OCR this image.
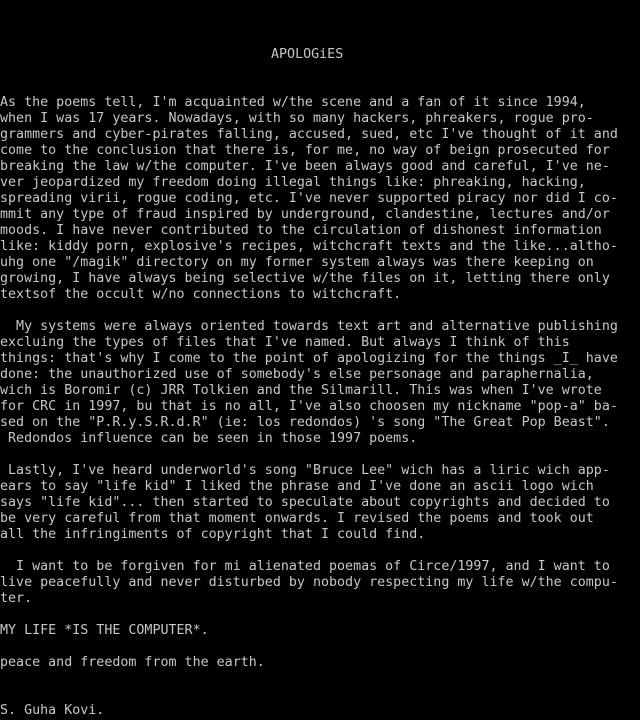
APOLOGiES
As the poems tell, I'm acquainted w/the scene and a fan of it since 1994,
when I was 17 years. Nowadays, with so many hackers, phreakers, rogue pro-
grammers and cyber-pirates falling, accused, sued, etc I've thought of it and
come to the conclusion that there is, for me, no way of beign prosecuted for
breaking the law w/the computer. I've been always good and careful, I've ne-
ver jeopardized my freedom doing illegal things like: phreaking, hacking,
spreading virii, rogue coding, etc. I've never supported piracy nor did I co-
mmit any type of fraud inspired by underground, clandestine, lectures and/or
moods. I have never contributed to the circulation of dishonest information
like: kiddy porn, explosive's recipes, witchcraft texts and the like...altho-
uhg one "/magik" directory on my former system always was there keeping on
growing, I have always being selective w/the files on it, letting there only
textsof the occult w/no connections to witchcraft.
My systems were always oriented towards text art and alternative publishing
excluing the types of files that I've named. But always I think of this
things: that's why I come to the point of apologizing for the things _I_ have
done: the unauthorized use of somebody's else personage and paraphernalia,
wich is Boromir (c) JRR Tolkien and the Silmarill. This was when I've wrote
for CRC in 1997, bu that is no all, I've also choosen my nickname "pop-a" ba-
sed on the "P.R.y.S.R.d.R" (ie: los redondos) 's song "The Great Pop Beast".
Redondos influence can be seen in those 1997 poems.
Lastly, I've heard underworld's song "Bruce Lee" wich has a liric wich app-
ears to say "life kid" I liked the phrase and I've done an ascii logo wich
says "life kid"... then started to speculate about copyrights and decided to
be very careful from that moment onwards. I revised the poems and took out
all the infringiments of copyright that I could find.
I want to be forgiven for mi alienated poemas of Circe/1997, and I want to
live peacefully and never disturbed by nobody respecting my life w/the compu-
ter.
MY LIFE *IS THE COMPUTER*.
peace and freedom from the earth.
S. Guha Kovi.
